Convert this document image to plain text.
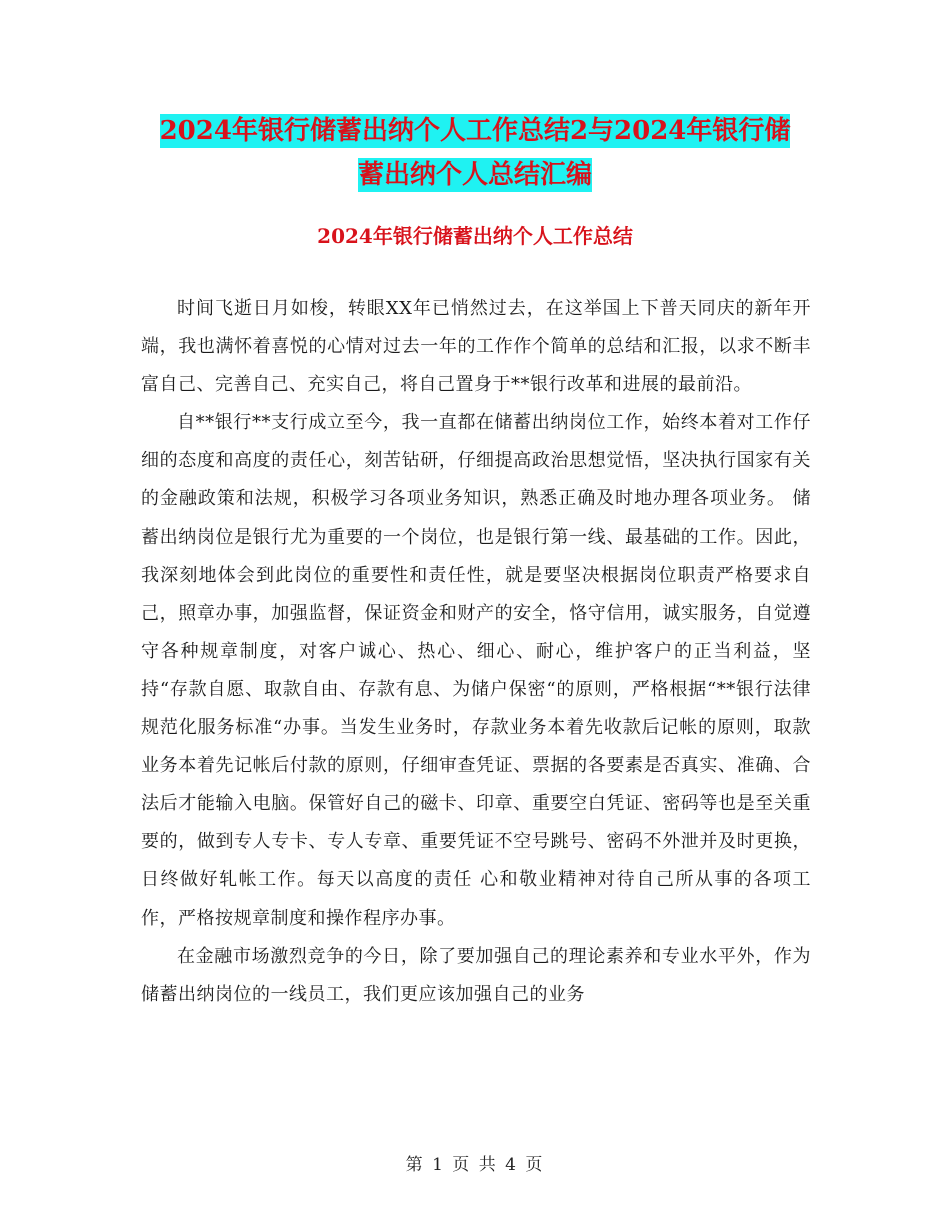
2024年银行储蓄出纳个人工作总结2与2024年银行储
蓄出纳个人总结汇编
2024年银行储蓄出纳个人工作总结

时间飞逝日月如梭，转眼XX年已悄然过去，在这举国上下普天同庆的新年开端，我也满怀着喜悦的心情对过去一年的工作作个简单的总结和汇报，以求不断丰富自己、完善自己、充实自己，将自己置身于**银行改革和进展的最前沿。

自**银行**支行成立至今，我一直都在储蓄出纳岗位工作，始终本着对工作仔细的态度和高度的责任心，刻苦钻研，仔细提高政治思想觉悟，坚决执行国家有关的金融政策和法规，积极学习各项业务知识，熟悉正确及时地办理各项业务。 储蓄出纳岗位是银行尤为重要的一个岗位，也是银行第一线、最基础的工作。因此，我深刻地体会到此岗位的重要性和责任性，就是要坚决根据岗位职责严格要求自己，照章办事，加强监督，保证资金和财产的安全，恪守信用，诚实服务，自觉遵守各种规章制度，对客户诚心、热心、细心、耐心，维护客户的正当利益，坚持“存款自愿、取款自由、存款有息、为储户保密“的原则，严格根据“**银行法律规范化服务标准“办事。当发生业务时，存款业务本着先收款后记帐的原则，取款业务本着先记帐后付款的原则，仔细审查凭证、票据的各要素是否真实、准确、合法后才能输入电脑。保管好自己的磁卡、印章、重要空白凭证、密码等也是至关重要的，做到专人专卡、专人专章、重要凭证不空号跳号、密码不外泄并及时更换，日终做好轧帐工作。每天以高度的责任 心和敬业精神对待自己所从事的各项工作，严格按规章制度和操作程序办事。

在金融市场激烈竞争的今日，除了要加强自己的理论素养和专业水平外，作为储蓄出纳岗位的一线员工，我们更应该加强自己的业务

第 1 页 共 4 页
